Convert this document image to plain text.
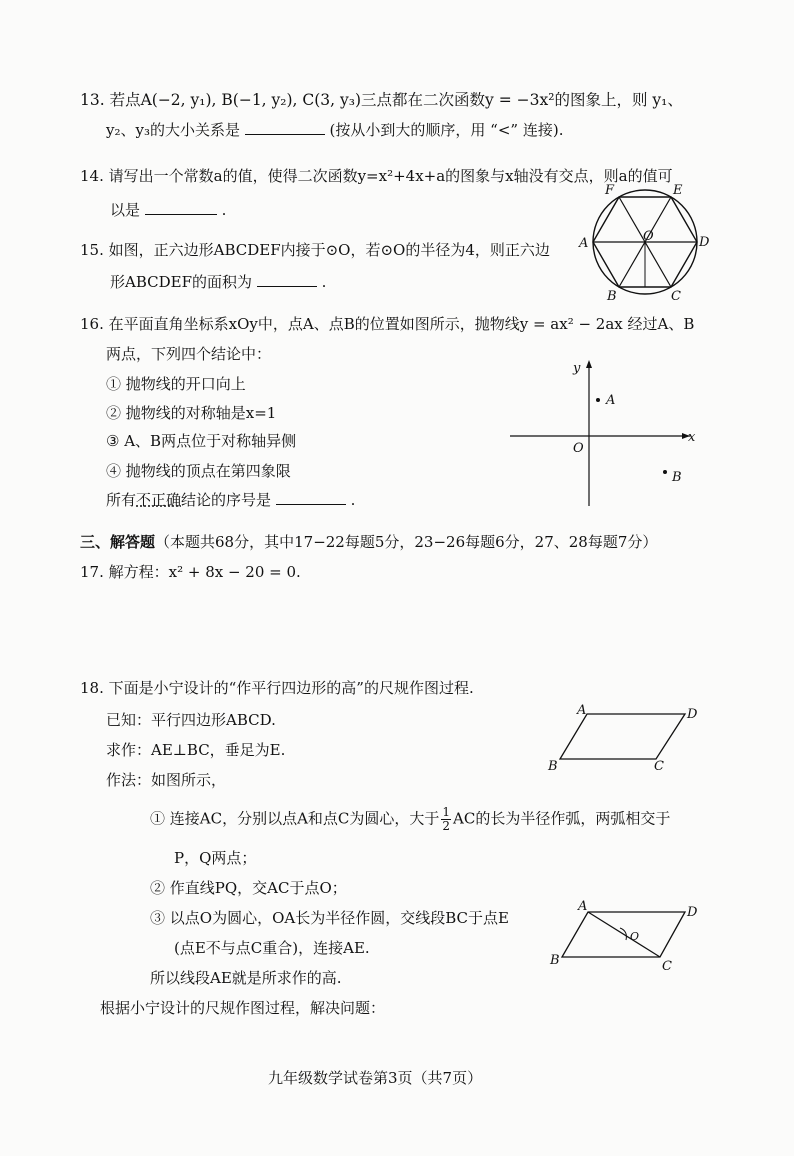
13. 若点A(−2, y₁), B(−1, y₂), C(3, y₃)三点都在二次函数y = −3x²的图象上，则 y₁、
y₂、y₃的大小关系是	(按从小到大的顺序，用 “<” 连接).
14. 请写出一个常数a的值，使得二次函数y=x²+4x+a的图象与x轴没有交点，则a的值可
以是	.
15. 如图，正六边形ABCDEF内接于⊙O，若⊙O的半径为4，则正六边
形ABCDEF的面积为	.
F	E
A	O	D
B	C
16. 在平面直角坐标系xOy中，点A、点B的位置如图所示，抛物线y = ax² − 2ax 经过A、B
两点，下列四个结论中：
① 抛物线的开口向上
② 抛物线的对称轴是x=1
③ A、B两点位于对称轴异侧
④ 抛物线的顶点在第四象限
所有不正确结论的序号是	.
y
A
O
x
B
三、解答题（本题共68分，其中17−22每题5分，23−26每题6分，27、28每题7分）
17. 解方程：x² + 8x − 20 = 0.
18. 下面是小宁设计的“作平行四边形的高”的尺规作图过程.
已知：平行四边形ABCD.
求作：AE⊥BC，垂足为E.
作法：如图所示，
① 连接AC，分别以点A和点C为圆心，大于 $\frac{1}{2}$ AC的长为半径作弧，两弧相交于
P，Q两点；
② 作直线PQ，交AC于点O；
③ 以点O为圆心，OA长为半径作圆，交线段BC于点E
(点E不与点C重合)，连接AE.
所以线段AE就是所求作的高.
根据小宁设计的尺规作图过程，解决问题：
A	D
B	C
A	D
B	C
O
九年级数学试卷第3页（共7页）
